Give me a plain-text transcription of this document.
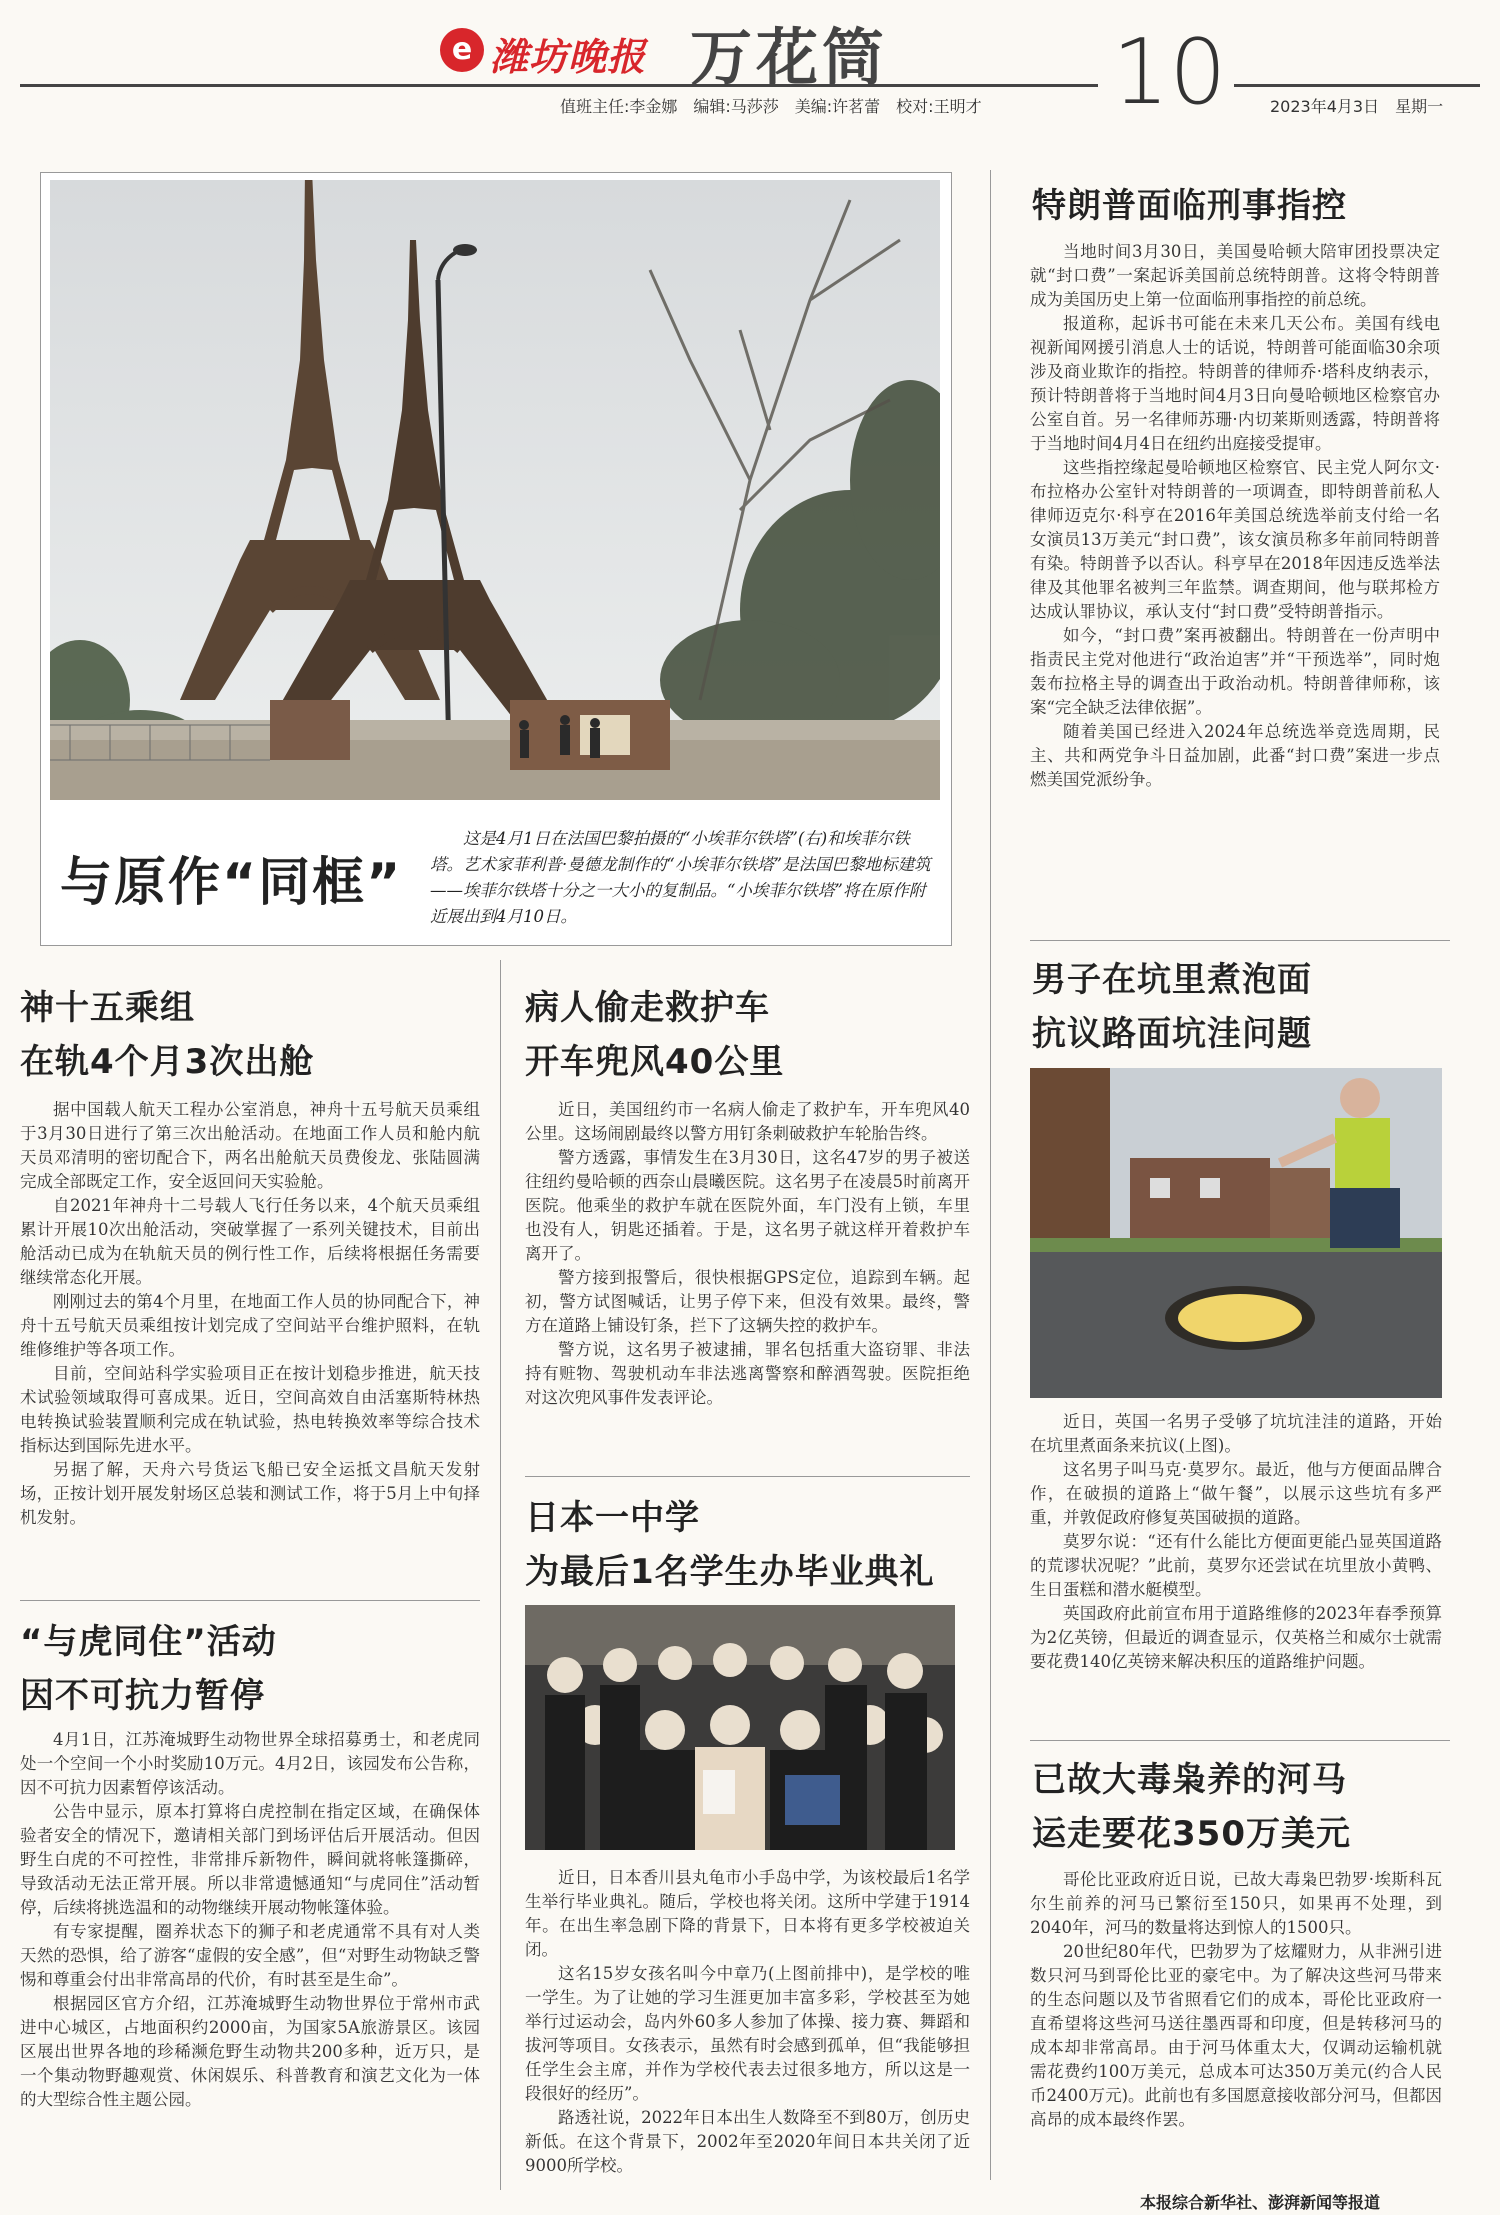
e 潍坊晚报 万花筒 10
值班主任:李金娜　编辑:马莎莎　美编:许茗蕾　校对:王明才	2023年4月3日　星期一
与原作“同框”
这是4月1日在法国巴黎拍摄的“小埃菲尔铁塔”(右)和埃菲尔铁塔。艺术家菲利普·曼德龙制作的“小埃菲尔铁塔”是法国巴黎地标建筑——埃菲尔铁塔十分之一大小的复制品。“小埃菲尔铁塔”将在原作附近展出到4月10日。
特朗普面临刑事指控

当地时间3月30日，美国曼哈顿大陪审团投票决定就“封口费”一案起诉美国前总统特朗普。这将令特朗普成为美国历史上第一位面临刑事指控的前总统。

报道称，起诉书可能在未来几天公布。美国有线电视新闻网援引消息人士的话说，特朗普可能面临30余项涉及商业欺诈的指控。特朗普的律师乔·塔科皮纳表示，预计特朗普将于当地时间4月3日向曼哈顿地区检察官办公室自首。另一名律师苏珊·内切莱斯则透露，特朗普将于当地时间4月4日在纽约出庭接受提审。

这些指控缘起曼哈顿地区检察官、民主党人阿尔文·布拉格办公室针对特朗普的一项调查，即特朗普前私人律师迈克尔·科亨在2016年美国总统选举前支付给一名女演员13万美元“封口费”，该女演员称多年前同特朗普有染。特朗普予以否认。科亨早在2018年因违反选举法律及其他罪名被判三年监禁。调查期间，他与联邦检方达成认罪协议，承认支付“封口费”受特朗普指示。

如今，“封口费”案再被翻出。特朗普在一份声明中指责民主党对他进行“政治迫害”并“干预选举”，同时炮轰布拉格主导的调查出于政治动机。特朗普律师称，该案“完全缺乏法律依据”。

随着美国已经进入2024年总统选举竞选周期，民主、共和两党争斗日益加剧，此番“封口费”案进一步点燃美国党派纷争。

神十五乘组
在轨4个月3次出舱

据中国载人航天工程办公室消息，神舟十五号航天员乘组于3月30日进行了第三次出舱活动。在地面工作人员和舱内航天员邓清明的密切配合下，两名出舱航天员费俊龙、张陆圆满完成全部既定工作，安全返回问天实验舱。

自2021年神舟十二号载人飞行任务以来，4个航天员乘组累计开展10次出舱活动，突破掌握了一系列关键技术，目前出舱活动已成为在轨航天员的例行性工作，后续将根据任务需要继续常态化开展。

刚刚过去的第4个月里，在地面工作人员的协同配合下，神舟十五号航天员乘组按计划完成了空间站平台维护照料，在轨维修维护等各项工作。

目前，空间站科学实验项目正在按计划稳步推进，航天技术试验领域取得可喜成果。近日，空间高效自由活塞斯特林热电转换试验装置顺利完成在轨试验，热电转换效率等综合技术指标达到国际先进水平。

另据了解，天舟六号货运飞船已安全运抵文昌航天发射场，正按计划开展发射场区总装和测试工作，将于5月上中旬择机发射。

“与虎同住”活动
因不可抗力暂停

4月1日，江苏淹城野生动物世界全球招募勇士，和老虎同处一个空间一个小时奖励10万元。4月2日，该园发布公告称，因不可抗力因素暂停该活动。

公告中显示，原本打算将白虎控制在指定区域，在确保体验者安全的情况下，邀请相关部门到场评估后开展活动。但因野生白虎的不可控性，非常排斥新物件，瞬间就将帐篷撕碎，导致活动无法正常开展。所以非常遗憾通知“与虎同住”活动暂停，后续将挑选温和的动物继续开展动物帐篷体验。

有专家提醒，圈养状态下的狮子和老虎通常不具有对人类天然的恐惧，给了游客“虚假的安全感”，但“对野生动物缺乏警惕和尊重会付出非常高昂的代价，有时甚至是生命”。

根据园区官方介绍，江苏淹城野生动物世界位于常州市武进中心城区，占地面积约2000亩，为国家5A旅游景区。该园区展出世界各地的珍稀濒危野生动物共200多种，近万只，是一个集动物野趣观赏、休闲娱乐、科普教育和演艺文化为一体的大型综合性主题公园。

病人偷走救护车
开车兜风40公里

近日，美国纽约市一名病人偷走了救护车，开车兜风40公里。这场闹剧最终以警方用钉条刺破救护车轮胎告终。

警方透露，事情发生在3月30日，这名47岁的男子被送往纽约曼哈顿的西奈山晨曦医院。这名男子在凌晨5时前离开医院。他乘坐的救护车就在医院外面，车门没有上锁，车里也没有人，钥匙还插着。于是，这名男子就这样开着救护车离开了。

警方接到报警后，很快根据GPS定位，追踪到车辆。起初，警方试图喊话，让男子停下来，但没有效果。最终，警方在道路上铺设钉条，拦下了这辆失控的救护车。

警方说，这名男子被逮捕，罪名包括重大盗窃罪、非法持有赃物、驾驶机动车非法逃离警察和醉酒驾驶。医院拒绝对这次兜风事件发表评论。

日本一中学
为最后1名学生办毕业典礼

近日，日本香川县丸龟市小手岛中学，为该校最后1名学生举行毕业典礼。随后，学校也将关闭。这所中学建于1914年。在出生率急剧下降的背景下，日本将有更多学校被迫关闭。

这名15岁女孩名叫今中章乃(上图前排中)，是学校的唯一学生。为了让她的学习生涯更加丰富多彩，学校甚至为她举行过运动会，岛内外60多人参加了体操、接力赛、舞蹈和拔河等项目。女孩表示，虽然有时会感到孤单，但“我能够担任学生会主席，并作为学校代表去过很多地方，所以这是一段很好的经历”。

路透社说，2022年日本出生人数降至不到80万，创历史新低。在这个背景下，2002年至2020年间日本共关闭了近9000所学校。

男子在坑里煮泡面
抗议路面坑洼问题

近日，英国一名男子受够了坑坑洼洼的道路，开始在坑里煮面条来抗议(上图)。

这名男子叫马克·莫罗尔。最近，他与方便面品牌合作，在破损的道路上“做午餐”，以展示这些坑有多严重，并敦促政府修复英国破损的道路。

莫罗尔说：“还有什么能比方便面更能凸显英国道路的荒谬状况呢？”此前，莫罗尔还尝试在坑里放小黄鸭、生日蛋糕和潜水艇模型。

英国政府此前宣布用于道路维修的2023年春季预算为2亿英镑，但最近的调查显示，仅英格兰和威尔士就需要花费140亿英镑来解决积压的道路维护问题。

已故大毒枭养的河马
运走要花350万美元

哥伦比亚政府近日说，已故大毒枭巴勃罗·埃斯科瓦尔生前养的河马已繁衍至150只，如果再不处理，到2040年，河马的数量将达到惊人的1500只。

20世纪80年代，巴勃罗为了炫耀财力，从非洲引进数只河马到哥伦比亚的豪宅中。为了解决这些河马带来的生态问题以及节省照看它们的成本，哥伦比亚政府一直希望将这些河马送往墨西哥和印度，但是转移河马的成本却非常高昂。由于河马体重太大，仅调动运输机就需花费约100万美元，总成本可达350万美元(约合人民币2400万元)。此前也有多国愿意接收部分河马，但都因高昂的成本最终作罢。

本报综合新华社、澎湃新闻等报道
